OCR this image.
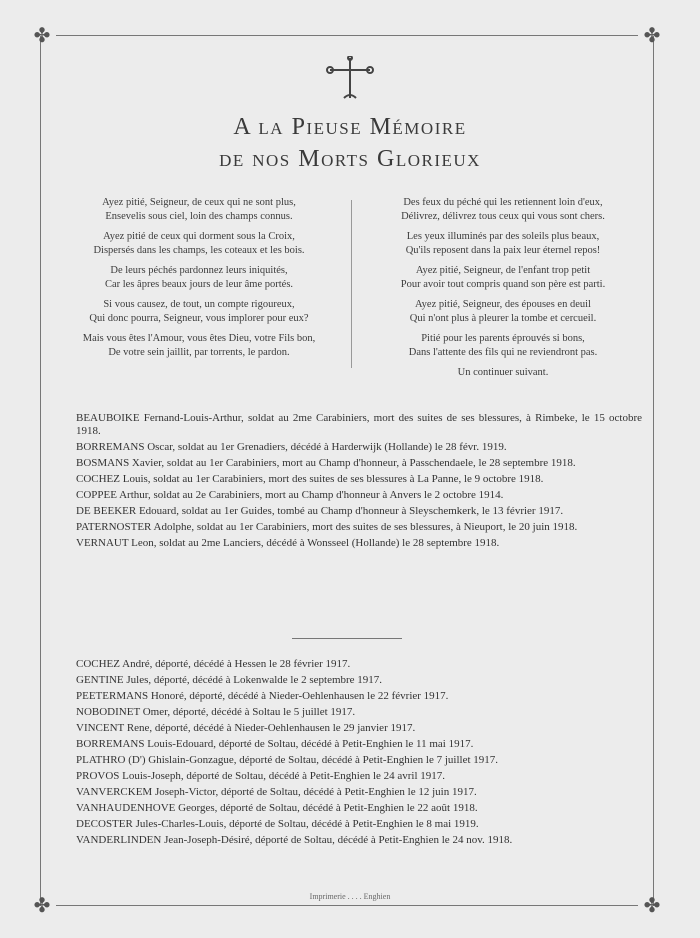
✤	✤
✤	✤
A la Pieuse Mémoire
de nos Morts Glorieux
Ayez pitié, Seigneur, de ceux qui ne sont plus,
Ensevelis sous ciel, loin des champs connus.
Ayez pitié de ceux qui dorment sous la Croix,
Dispersés dans les champs, les coteaux et les bois.
De leurs péchés pardonnez leurs iniquités,
Car les âpres beaux jours de leur âme portés.
Si vous causez, de tout, un compte rigoureux,
Qui donc pourra, Seigneur, vous implorer pour eux?
Mais vous êtes l'Amour, vous êtes Dieu, votre Fils bon,
De votre sein jaillit, par torrents, le pardon.
Des feux du péché qui les retiennent loin d'eux,
Délivrez, délivrez tous ceux qui vous sont chers.
Les yeux illuminés par des soleils plus beaux,
Qu'ils reposent dans la paix leur éternel repos!
Ayez pitié, Seigneur, de l'enfant trop petit
Pour avoir tout compris quand son père est parti.
Ayez pitié, Seigneur, des épouses en deuil
Qui n'ont plus à pleurer la tombe et cercueil.
Pitié pour les parents éprouvés si bons,
Dans l'attente des fils qui ne reviendront pas.
Un continuer suivant.
BEAUBOIKE Fernand-Louis-Arthur, soldat au 2me Carabiniers, mort des suites de ses blessures, à Rimbeke, le 15 octobre 1918.
BORREMANS Oscar, soldat au 1er Grenadiers, décédé à Harderwijk (Hollande) le 28 févr. 1919.
BOSMANS Xavier, soldat au 1er Carabiniers, mort au Champ d'honneur, à Passchendaele, le 28 septembre 1918.
COCHEZ Louis, soldat au 1er Carabiniers, mort des suites de ses blessures à La Panne, le 9 octobre 1918.
COPPEE Arthur, soldat au 2e Carabiniers, mort au Champ d'honneur à Anvers le 2 octobre 1914.
DE BEEKER Edouard, soldat au 1er Guides, tombé au Champ d'honneur à Sleyschemkerk, le 13 février 1917.
PATERNOSTER Adolphe, soldat au 1er Carabiniers, mort des suites de ses blessures, à Nieuport, le 20 juin 1918.
VERNAUT Leon, soldat au 2me Lanciers, décédé à Wonsseel (Hollande) le 28 septembre 1918.
COCHEZ André, déporté, décédé à Hessen le 28 février 1917.
GENTINE Jules, déporté, décédé à Lokenwalde le 2 septembre 1917.
PEETERMANS Honoré, déporté, décédé à Nieder-Oehlenhausen le 22 février 1917.
NOBODINET Omer, déporté, décédé à Soltau le 5 juillet 1917.
VINCENT Rene, déporté, décédé à Nieder-Oehlenhausen le 29 janvier 1917.
BORREMANS Louis-Edouard, déporté de Soltau, décédé à Petit-Enghien le 11 mai 1917.
PLATHRO (D') Ghislain-Gonzague, déporté de Soltau, décédé à Petit-Enghien le 7 juillet 1917.
PROVOS Louis-Joseph, déporté de Soltau, décédé à Petit-Enghien le 24 avril 1917.
VANVERCKEM Joseph-Victor, déporté de Soltau, décédé à Petit-Enghien le 12 juin 1917.
VANHAUDENHOVE Georges, déporté de Soltau, décédé à Petit-Enghien le 22 août 1918.
DECOSTER Jules-Charles-Louis, déporté de Soltau, décédé à Petit-Enghien le 8 mai 1919.
VANDERLINDEN Jean-Joseph-Désiré, déporté de Soltau, décédé à Petit-Enghien le 24 nov. 1918.
Imprimerie . . . . Enghien
